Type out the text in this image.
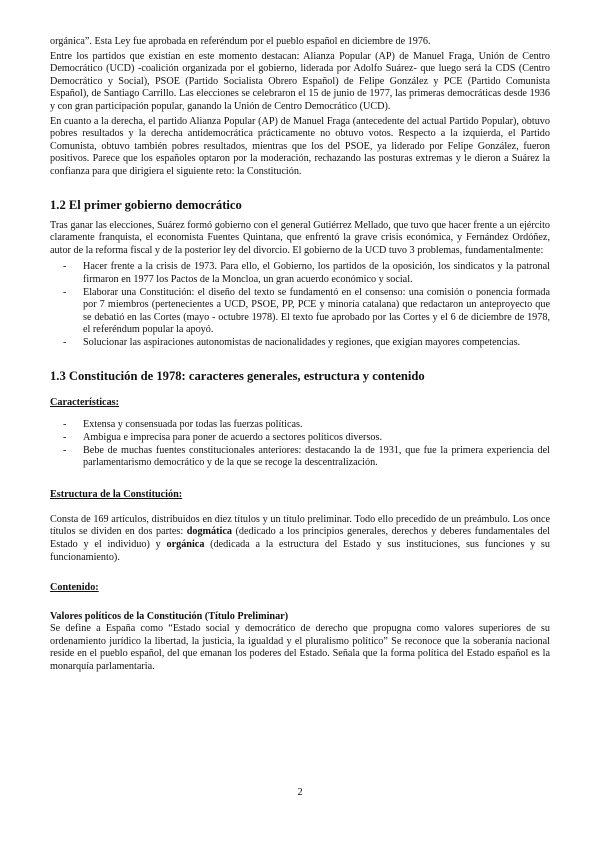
orgánica”. Esta Ley fue aprobada en referéndum por el pueblo español en diciembre de 1976.

Entre los partidos que existían en este momento destacan: Alianza Popular (AP) de Manuel Fraga, Unión de Centro Democrático (UCD) -coalición organizada por el gobierno, liderada por Adolfo Suárez- que luego será la CDS (Centro Democrático y Social), PSOE (Partido Socialista Obrero Español) de Felipe González y PCE (Partido Comunista Español), de Santiago Carrillo. Las elecciones se celebraron el 15 de junio de 1977, las primeras democráticas desde 1936 y con gran participación popular, ganando la Unión de Centro Democrático (UCD).

En cuanto a la derecha, el partido Alianza Popular (AP) de Manuel Fraga (antecedente del actual Partido Popular), obtuvo pobres resultados y la derecha antidemocrática prácticamente no obtuvo votos. Respecto a la izquierda, el Partido Comunista, obtuvo también pobres resultados, mientras que los del PSOE, ya liderado por Felipe González, fueron positivos. Parece que los españoles optaron por la moderación, rechazando las posturas extremas y le dieron a Suárez la confianza para que dirigiera el siguiente reto: la Constitución.

1.2 El primer gobierno democrático

Tras ganar las elecciones, Suárez formó gobierno con el general Gutiérrez Mellado, que tuvo que hacer frente a un ejército claramente franquista, el economista Fuentes Quintana, que enfrentó la grave crisis económica, y Fernández Ordóñez, autor de la reforma fiscal y de la posterior ley del divorcio. El gobierno de la UCD tuvo 3 problemas, fundamentalmente:

- Hacer frente a la crisis de 1973. Para ello, el Gobierno, los partidos de la oposición, los sindicatos y la patronal firmaron en 1977 los Pactos de la Moncloa, un gran acuerdo económico y social.
- Elaborar una Constitución: el diseño del texto se fundamentó en el consenso: una comisión o ponencia formada por 7 miembros (pertenecientes a UCD, PSOE, PP, PCE y minoría catalana) que redactaron un anteproyecto que se debatió en las Cortes (mayo - octubre 1978). El texto fue aprobado por las Cortes y el 6 de diciembre de 1978, el referéndum popular la apoyó.
- Solucionar las aspiraciones autonomistas de nacionalidades y regiones, que exigían mayores competencias.
1.3 Constitución de 1978: caracteres generales, estructura y contenido
Características:
- Extensa y consensuada por todas las fuerzas políticas.
- Ambigua e imprecisa para poner de acuerdo a sectores políticos diversos.
- Bebe de muchas fuentes constitucionales anteriores: destacando la de 1931, que fue la primera experiencia del parlamentarismo democrático y de la que se recoge la descentralización.
Estructura de la Constitución:

Consta de 169 artículos, distribuidos en diez títulos y un título preliminar. Todo ello precedido de un preámbulo. Los once títulos se dividen en dos partes: dogmática (dedicado a los principios generales, derechos y deberes fundamentales del Estado y el individuo) y orgánica (dedicada a la estructura del Estado y sus instituciones, sus funciones y su funcionamiento).

Contenido:
Valores políticos de la Constitución (Título Preliminar)

Se define a España como “Estado social y democrático de derecho que propugna como valores superiores de su ordenamiento jurídico la libertad, la justicia, la igualdad y el pluralismo político” Se reconoce que la soberanía nacional reside en el pueblo español, del que emanan los poderes del Estado. Señala que la forma política del Estado español es la monarquía parlamentaria.

2
